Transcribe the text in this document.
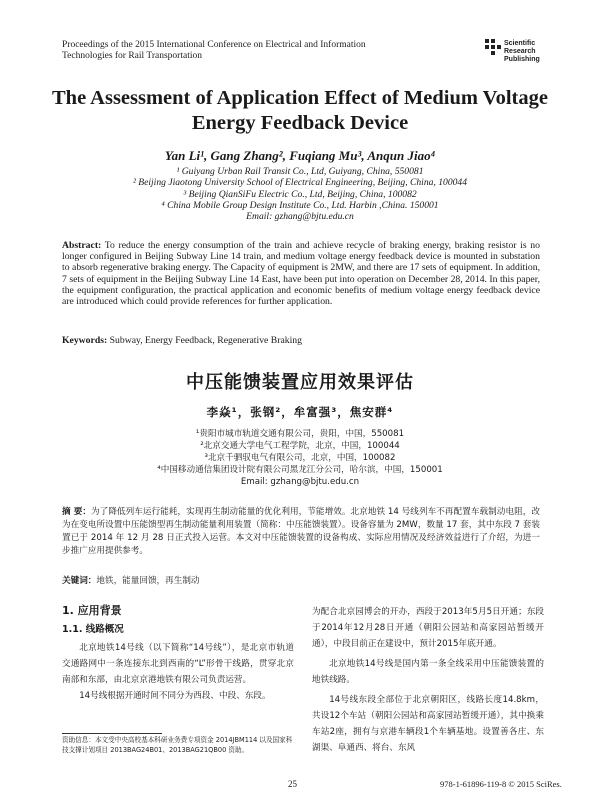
Proceedings of the 2015 International Conference on Electrical and Information Technologies for Rail Transportation
Scientific
Research
Publishing
The Assessment of Application Effect of Medium Voltage Energy Feedback Device
Yan Li¹, Gang Zhang², Fuqiang Mu³, Anqun Jiao⁴
¹ Guiyang Urban Rail Transit Co., Ltd, Guiyang, China, 550081
² Beijing Jiaotong University School of Electrical Engineering, Beijing, China, 100044
³ Beijing QianSiFu Electric Co., Ltd, Beijing, China, 100082
⁴ China Mobile Group Design Institute Co., Ltd. Harbin ,China. 150001
Email: gzhang@bjtu.edu.cn
Abstract: To reduce the energy consumption of the train and achieve recycle of braking energy, braking resistor is no longer configured in Beijing Subway Line 14 train, and medium voltage energy feedback device is mounted in substation to absorb regenerative braking energy. The Capacity of equipment is 2MW, and there are 17 sets of equipment. In addition, 7 sets of equipment in the Beijing Subway Line 14 East, have been put into operation on December 28, 2014. In this paper, the equipment configuration, the practical application and economic benefits of medium voltage energy feedback device are introduced which could provide references for further application.
Keywords: Subway, Energy Feedback, Regenerative Braking
中压能馈装置应用效果评估
李焱¹，张钢²，牟富强³，焦安群⁴
¹贵阳市城市轨道交通有限公司，贵阳，中国，550081
²北京交通大学电气工程学院，北京，中国，100044
³北京千驷驭电气有限公司，北京，中国，100082
⁴中国移动通信集团设计院有限公司黑龙江分公司，哈尔滨，中国，150001
Email: gzhang@bjtu.edu.cn
摘 要：为了降低列车运行能耗，实现再生制动能量的优化利用，节能增效。北京地铁 14 号线列车不再配置车载制动电阻，改为在变电所设置中压能馈型再生制动能量利用装置（简称：中压能馈装置）。设备容量为 2MW，数量 17 套，其中东段 7 套装置已于 2014 年 12 月 28 日正式投入运营。本文对中压能馈装置的设备构成、实际应用情况及经济效益进行了介绍，为进一步推广应用提供参考。
关键词：地铁，能量回馈，再生制动
1. 应用背景
1.1. 线路概况

北京地铁14号线（以下简称“14号线”），是北京市轨道交通路网中一条连接东北到西南的“L”形骨干线路，贯穿北京南部和东部，由北京京港地铁有限公司负责运营。

14号线根据开通时间不同分为西段、中段、东段。

为配合北京园博会的开办，西段于2013年5月5日开通；东段于2014年12月28日开通（朝阳公园站和高家园站暂缓开通），中段目前正在建设中，预计2015年底开通。

北京地铁14号线是国内第一条全线采用中压能馈装置的地铁线路。

14号线东段全部位于北京朝阳区，线路长度14.8km，共设12个车站（朝阳公园站和高家园站暂缓开通），其中换乘车站2座，拥有与京港车辆段1个车辆基地。设置善各庄、东湖渠、阜通西、将台、东风

资助信息：本文受中央高校基本科研业务费专项资金 2014JBM114 以及国家科技支撑计划项目 2013BAG24B01、2013BAG21QB00 资助。
25	978-1-61896-119-8 © 2015 SciRes.
